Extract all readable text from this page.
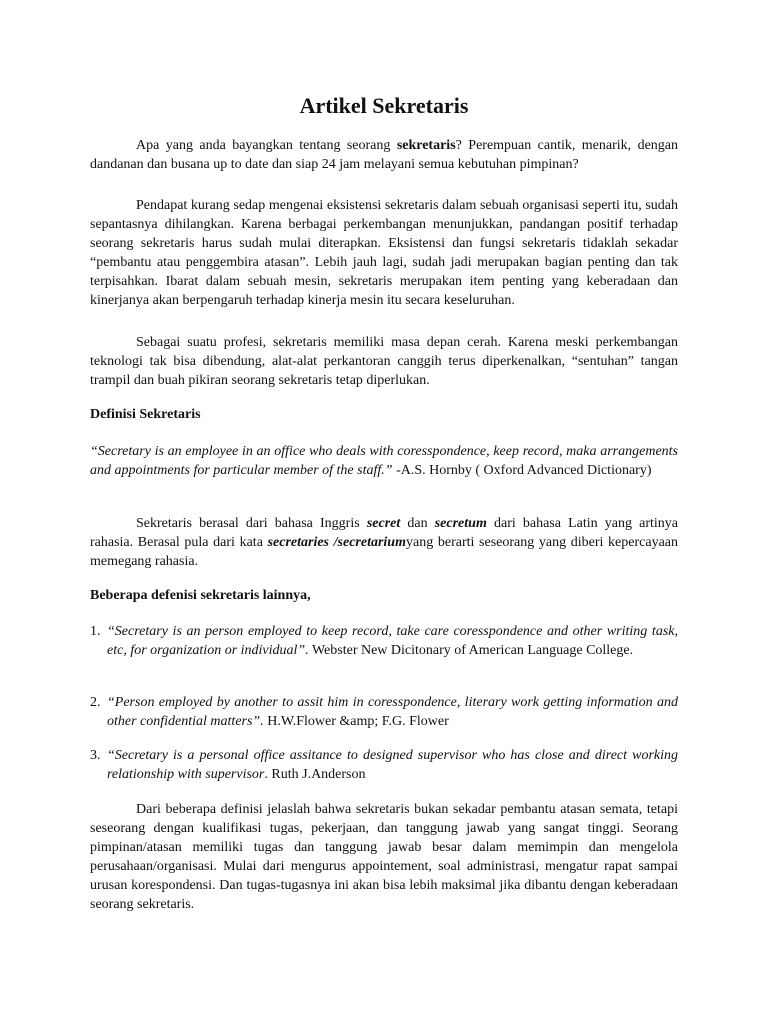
Artikel Sekretaris
Apa yang anda bayangkan tentang seorang sekretaris? Perempuan cantik, menarik, dengan dandanan dan busana up to date dan siap 24 jam melayani semua kebutuhan pimpinan?
Pendapat kurang sedap mengenai eksistensi sekretaris dalam sebuah organisasi seperti itu, sudah sepantasnya dihilangkan. Karena berbagai perkembangan menunjukkan, pandangan positif terhadap seorang sekretaris harus sudah mulai diterapkan. Eksistensi dan fungsi sekretaris tidaklah sekadar “pembantu atau penggembira atasan”. Lebih jauh lagi, sudah jadi merupakan bagian penting dan tak terpisahkan. Ibarat dalam sebuah mesin, sekretaris merupakan item penting yang keberadaan dan kinerjanya akan berpengaruh terhadap kinerja mesin itu secara keseluruhan.
Sebagai suatu profesi, sekretaris memiliki masa depan cerah. Karena meski perkembangan teknologi tak bisa dibendung, alat-alat perkantoran canggih terus diperkenalkan, “sentuhan” tangan trampil dan buah pikiran seorang sekretaris tetap diperlukan.
Definisi Sekretaris
“Secretary is an employee in an office who deals with coresspondence, keep record, maka arrangements and appointments for particular member of the staff.” -A.S. Hornby ( Oxford Advanced Dictionary)
Sekretaris berasal dari bahasa Inggris secret dan secretum dari bahasa Latin yang artinya rahasia. Berasal pula dari kata secretaries /secretariumyang berarti seseorang yang diberi kepercayaan memegang rahasia.
Beberapa defenisi sekretaris lainnya,
1. “Secretary is an person employed to keep record, take care coresspondence and other writing task, etc, for organization or individual”. Webster New Dicitonary of American Language College.
2. “Person employed by another to assit him in coresspondence, literary work getting information and other confidential matters”. H.W.Flower &amp; F.G. Flower
3. “Secretary is a personal office assitance to designed supervisor who has close and direct working relationship with supervisor. Ruth J.Anderson
Dari beberapa definisi jelaslah bahwa sekretaris bukan sekadar pembantu atasan semata, tetapi seseorang dengan kualifikasi tugas, pekerjaan, dan tanggung jawab yang sangat tinggi. Seorang pimpinan/atasan memiliki tugas dan tanggung jawab besar dalam memimpin dan mengelola perusahaan/organisasi. Mulai dari mengurus appointement, soal administrasi, mengatur rapat sampai urusan korespondensi. Dan tugas-tugasnya ini akan bisa lebih maksimal jika dibantu dengan keberadaan seorang sekretaris.
